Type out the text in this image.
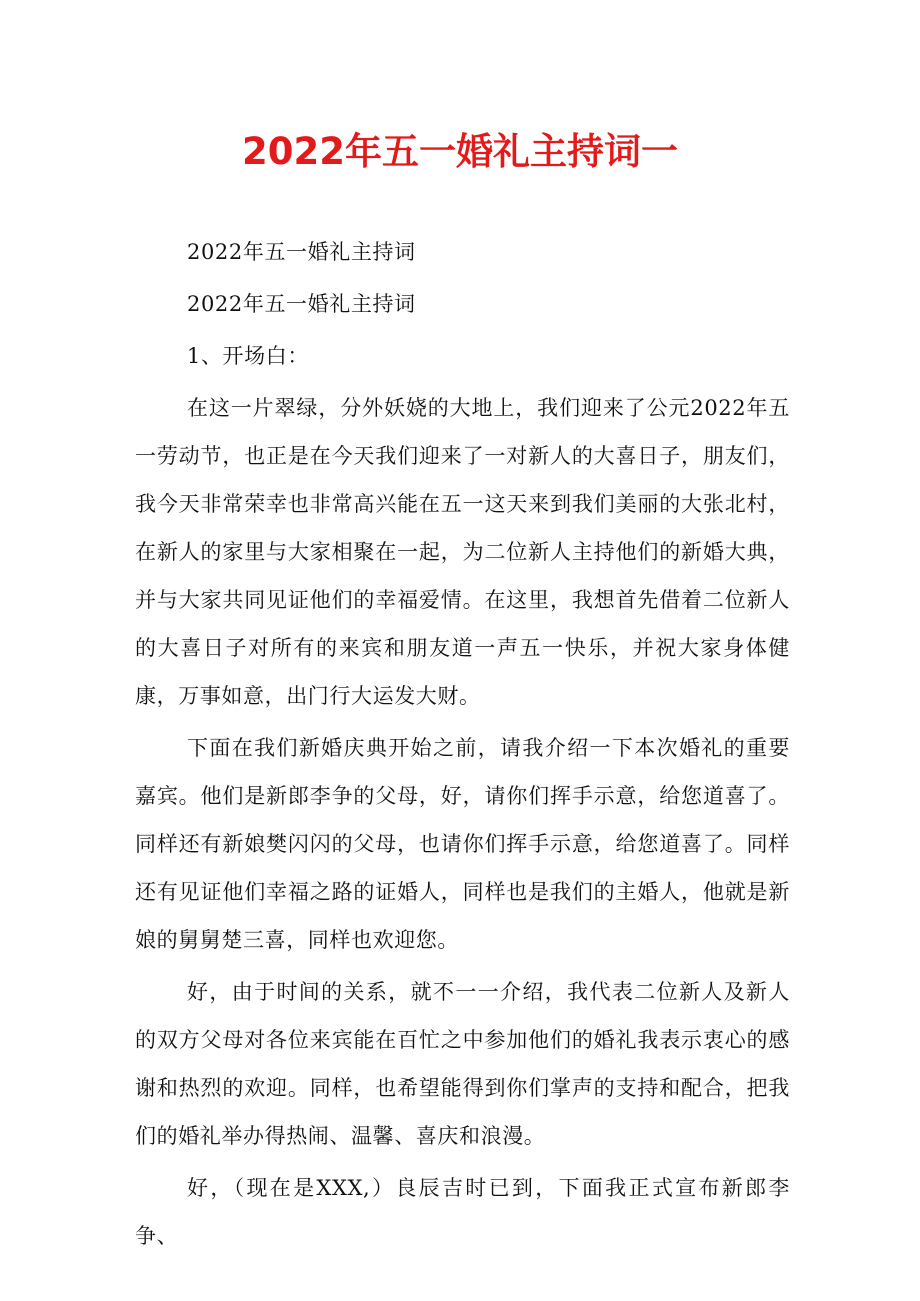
2022年五一婚礼主持词一

2022年五一婚礼主持词

2022年五一婚礼主持词

1、开场白：

在这一片翠绿，分外妖娆的大地上，我们迎来了公元2022年五一劳动节，也正是在今天我们迎来了一对新人的大喜日子，朋友们，我今天非常荣幸也非常高兴能在五一这天来到我们美丽的大张北村，在新人的家里与大家相聚在一起，为二位新人主持他们的新婚大典，并与大家共同见证他们的幸福爱情。在这里，我想首先借着二位新人的大喜日子对所有的来宾和朋友道一声五一快乐，并祝大家身体健康，万事如意，出门行大运发大财。

下面在我们新婚庆典开始之前，请我介绍一下本次婚礼的重要嘉宾。他们是新郎李争的父母，好，请你们挥手示意，给您道喜了。同样还有新娘樊闪闪的父母，也请你们挥手示意，给您道喜了。同样还有见证他们幸福之路的证婚人，同样也是我们的主婚人，他就是新娘的舅舅楚三喜，同样也欢迎您。

好，由于时间的关系，就不一一介绍，我代表二位新人及新人的双方父母对各位来宾能在百忙之中参加他们的婚礼我表示衷心的感谢和热烈的欢迎。同样，也希望能得到你们掌声的支持和配合，把我们的婚礼举办得热闹、温馨、喜庆和浪漫。

好，（现在是XXX,）良辰吉时已到，下面我正式宣布新郎李争、
